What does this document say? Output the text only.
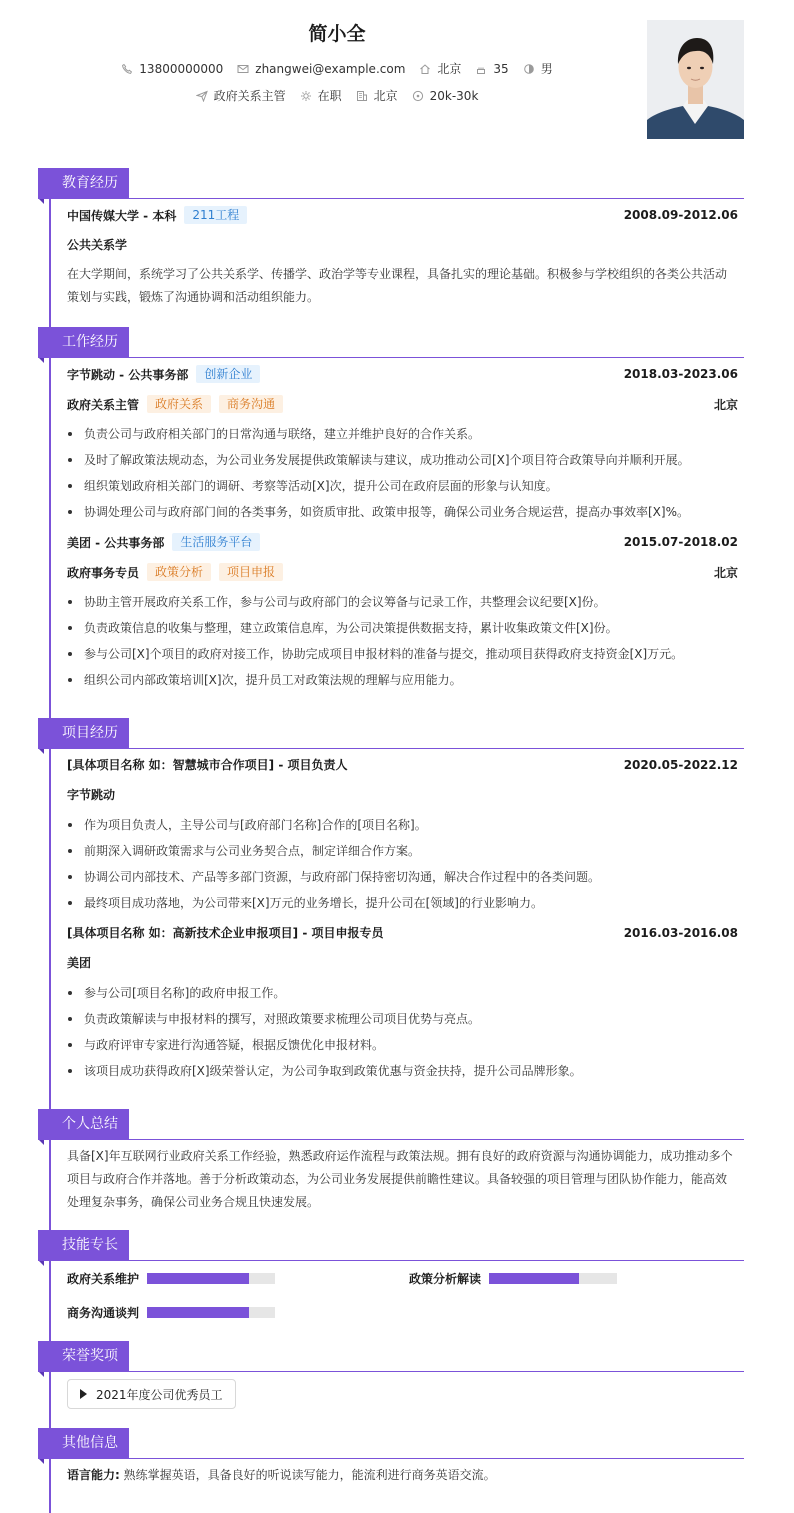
简小全
13800000000	zhangwei@example.com	北京	35	男
政府关系主管	在职	北京	20k-30k
教育经历
中国传媒大学 - 本科	211工程	2008.09-2012.06
公共关系学
在大学期间，系统学习了公共关系学、传播学、政治学等专业课程，具备扎实的理论基础。积极参与学校组织的各类公共活动策划与实践，锻炼了沟通协调和活动组织能力。
工作经历
字节跳动 - 公共事务部	创新企业	2018.03-2023.06
政府关系主管	政府关系	商务沟通	北京
负责公司与政府相关部门的日常沟通与联络，建立并维护良好的合作关系。
及时了解政策法规动态，为公司业务发展提供政策解读与建议，成功推动公司[X]个项目符合政策导向并顺利开展。
组织策划政府相关部门的调研、考察等活动[X]次，提升公司在政府层面的形象与认知度。
协调处理公司与政府部门间的各类事务，如资质审批、政策申报等，确保公司业务合规运营，提高办事效率[X]%。
美团 - 公共事务部	生活服务平台	2015.07-2018.02
政府事务专员	政策分析	项目申报	北京
协助主管开展政府关系工作，参与公司与政府部门的会议筹备与记录工作，共整理会议纪要[X]份。
负责政策信息的收集与整理，建立政策信息库，为公司决策提供数据支持，累计收集政策文件[X]份。
参与公司[X]个项目的政府对接工作，协助完成项目申报材料的准备与提交，推动项目获得政府支持资金[X]万元。
组织公司内部政策培训[X]次，提升员工对政策法规的理解与应用能力。
项目经历
[具体项目名称 如：智慧城市合作项目] - 项目负责人	2020.05-2022.12
字节跳动
作为项目负责人，主导公司与[政府部门名称]合作的[项目名称]。
前期深入调研政策需求与公司业务契合点，制定详细合作方案。
协调公司内部技术、产品等多部门资源，与政府部门保持密切沟通，解决合作过程中的各类问题。
最终项目成功落地，为公司带来[X]万元的业务增长，提升公司在[领域]的行业影响力。
[具体项目名称 如：高新技术企业申报项目] - 项目申报专员	2016.03-2016.08
美团
参与公司[项目名称]的政府申报工作。
负责政策解读与申报材料的撰写，对照政策要求梳理公司项目优势与亮点。
与政府评审专家进行沟通答疑，根据反馈优化申报材料。
该项目成功获得政府[X]级荣誉认定，为公司争取到政策优惠与资金扶持，提升公司品牌形象。
个人总结
具备[X]年互联网行业政府关系工作经验，熟悉政府运作流程与政策法规。拥有良好的政府资源与沟通协调能力，成功推动多个项目与政府合作并落地。善于分析政策动态，为公司业务发展提供前瞻性建议。具备较强的项目管理与团队协作能力，能高效处理复杂事务，确保公司业务合规且快速发展。
技能专长
政府关系维护	政策分析解读
商务沟通谈判
荣誉奖项
2021年度公司优秀员工
其他信息
语言能力: 熟练掌握英语，具备良好的听说读写能力，能流利进行商务英语交流。
